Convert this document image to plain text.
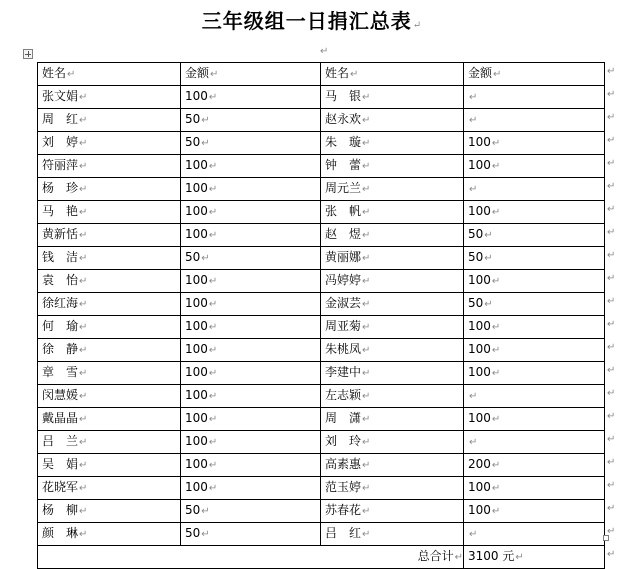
三年级组一日捐汇总表↵
↵
姓名↵	金额↵	姓名↵	金额↵
张文娟↵	100↵	马　银↵	↵
周　红↵	50↵	赵永欢↵	↵
刘　婷↵	50↵	朱　璇↵	100↵
符丽萍↵	100↵	钟　蕾↵	100↵
杨　珍↵	100↵	周元兰↵	↵
马　艳↵	100↵	张　帆↵	100↵
黄新恬↵	100↵	赵　煜↵	50↵
钱　洁↵	50↵	黄丽娜↵	50↵
袁　怡↵	100↵	冯婷婷↵	100↵
徐红海↵	100↵	金淑芸↵	50↵
何　瑜↵	100↵	周亚菊↵	100↵
徐　静↵	100↵	朱桃凤↵	100↵
章　雪↵	100↵	李建中↵	100↵
闵慧媛↵	100↵	左志颖↵	↵
戴晶晶↵	100↵	周　潇↵	100↵
吕　兰↵	100↵	刘　玲↵	↵
吴　娟↵	100↵	高素惠↵	200↵
花晓军↵	100↵	范玉婷↵	100↵
杨　柳↵	50↵	苏春花↵	100↵
颜　琳↵	50↵	吕　红↵	↵
总合计↵			3100 元↵
↵
↵
↵
↵
↵
↵
↵
↵
↵
↵
↵
↵
↵
↵
↵
↵
↵
↵
↵
↵
↵
↵
